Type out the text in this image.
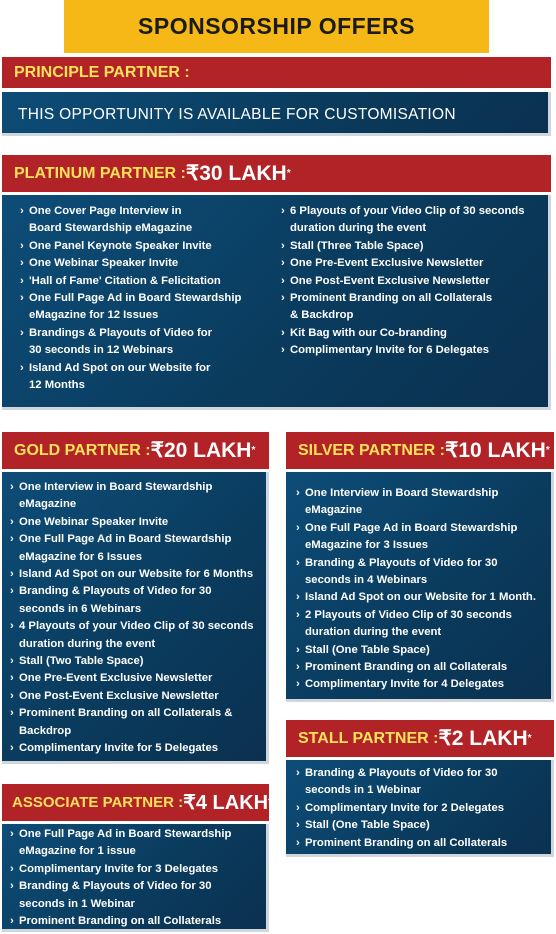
SPONSORSHIP OFFERS
PRINCIPLE PARTNER :
THIS OPPORTUNITY IS AVAILABLE FOR CUSTOMISATION
PLATINUM PARTNER : ₹30 LAKH *
› One Cover Page Interview in
Board Stewardship eMagazine
› One Panel Keynote Speaker Invite
› One Webinar Speaker Invite
› 'Hall of Fame' Citation & Felicitation
› One Full Page Ad in Board Stewardship
eMagazine for 12 Issues
› Brandings & Playouts of Video for
30 seconds in 12 Webinars
› Island Ad Spot on our Website for
12 Months
› 6 Playouts of your Video Clip of 30 seconds
duration during the event
› Stall (Three Table Space)
› One Pre-Event Exclusive Newsletter
› One Post-Event Exclusive Newsletter
› Prominent Branding on all Collaterals
& Backdrop
› Kit Bag with our Co-branding
› Complimentary Invite for 6 Delegates
GOLD PARTNER : ₹20 LAKH *
› One Interview in Board Stewardship
eMagazine
› One Webinar Speaker Invite
› One Full Page Ad in Board Stewardship
eMagazine for 6 Issues
› Island Ad Spot on our Website for 6 Months
› Branding & Playouts of Video for 30
seconds in 6 Webinars
› 4 Playouts of your Video Clip of 30 seconds
duration during the event
› Stall (Two Table Space)
› One Pre-Event Exclusive Newsletter
› One Post-Event Exclusive Newsletter
› Prominent Branding on all Collaterals &
Backdrop
› Complimentary Invite for 5 Delegates
SILVER PARTNER : ₹10 LAKH *
› One Interview in Board Stewardship
eMagazine
› One Full Page Ad in Board Stewardship
eMagazine for 3 Issues
› Branding & Playouts of Video for 30
seconds in 4 Webinars
› Island Ad Spot on our Website for 1 Month.
› 2 Playouts of Video Clip of 30 seconds
duration during the event
› Stall (One Table Space)
› Prominent Branding on all Collaterals
› Complimentary Invite for 4 Delegates
STALL PARTNER : ₹2 LAKH *
› Branding & Playouts of Video for 30
seconds in 1 Webinar
› Complimentary Invite for 2 Delegates
› Stall (One Table Space)
› Prominent Branding on all Collaterals
ASSOCIATE PARTNER : ₹4 LAKH *
› One Full Page Ad in Board Stewardship
eMagazine for 1 issue
› Complimentary Invite for 3 Delegates
› Branding & Playouts of Video for 30
seconds in 1 Webinar
› Prominent Branding on all Collaterals
